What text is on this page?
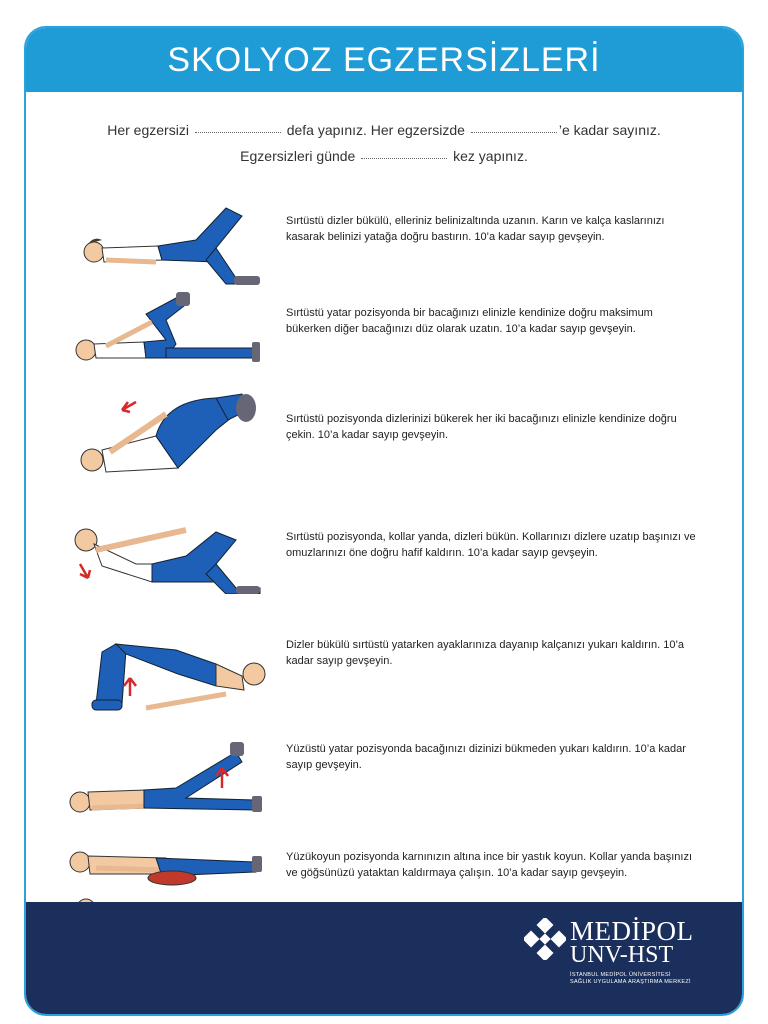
SKOLYOZ EGZERSİZLERİ
Her egzersizi	defa yapınız. Her egzersizde	’e kadar sayınız.
Egzersizleri günde	kez yapınız.
Sırtüstü dizler bükülü, elleriniz belinizaltında uzanın. Karın ve kalça kaslarınızı kasarak belinizi yatağa doğru bastırın. 10’a kadar sayıp gevşeyin.
Sırtüstü yatar pozisyonda bir bacağınızı elinizle kendinize doğru maksimum bükerken diğer bacağınızı düz olarak uzatın. 10’a kadar sayıp gevşeyin.
Sırtüstü pozisyonda dizlerinizi bükerek her iki bacağınızı elinizle kendinize doğru çekin. 10’a kadar sayıp gevşeyin.
Sırtüstü pozisyonda, kollar yanda, dizleri bükün. Kollarınızı dizlere uzatıp başınızı ve omuzlarınızı öne doğru hafif kaldırın. 10’a kadar sayıp gevşeyin.
Dizler bükülü sırtüstü yatarken ayaklarınıza dayanıp kalçanızı yukarı kaldırın. 10’a kadar sayıp gevşeyin.
Yüzüstü yatar pozisyonda bacağınızı dizinizi bükmeden yukarı kaldırın. 10’a kadar sayıp gevşeyin.
Yüzükoyun pozisyonda karnınızın altına ince bir yastık koyun. Kollar yanda başınızı ve göğsünüzü yataktan kaldırmaya çalışın. 10’a kadar sayıp gevşeyin.
MEDİPOL
UNV-HST
İSTANBUL MEDİPOL ÜNİVERSİTESİ
SAĞLIK UYGULAMA ARAŞTIRMA MERKEZİ
